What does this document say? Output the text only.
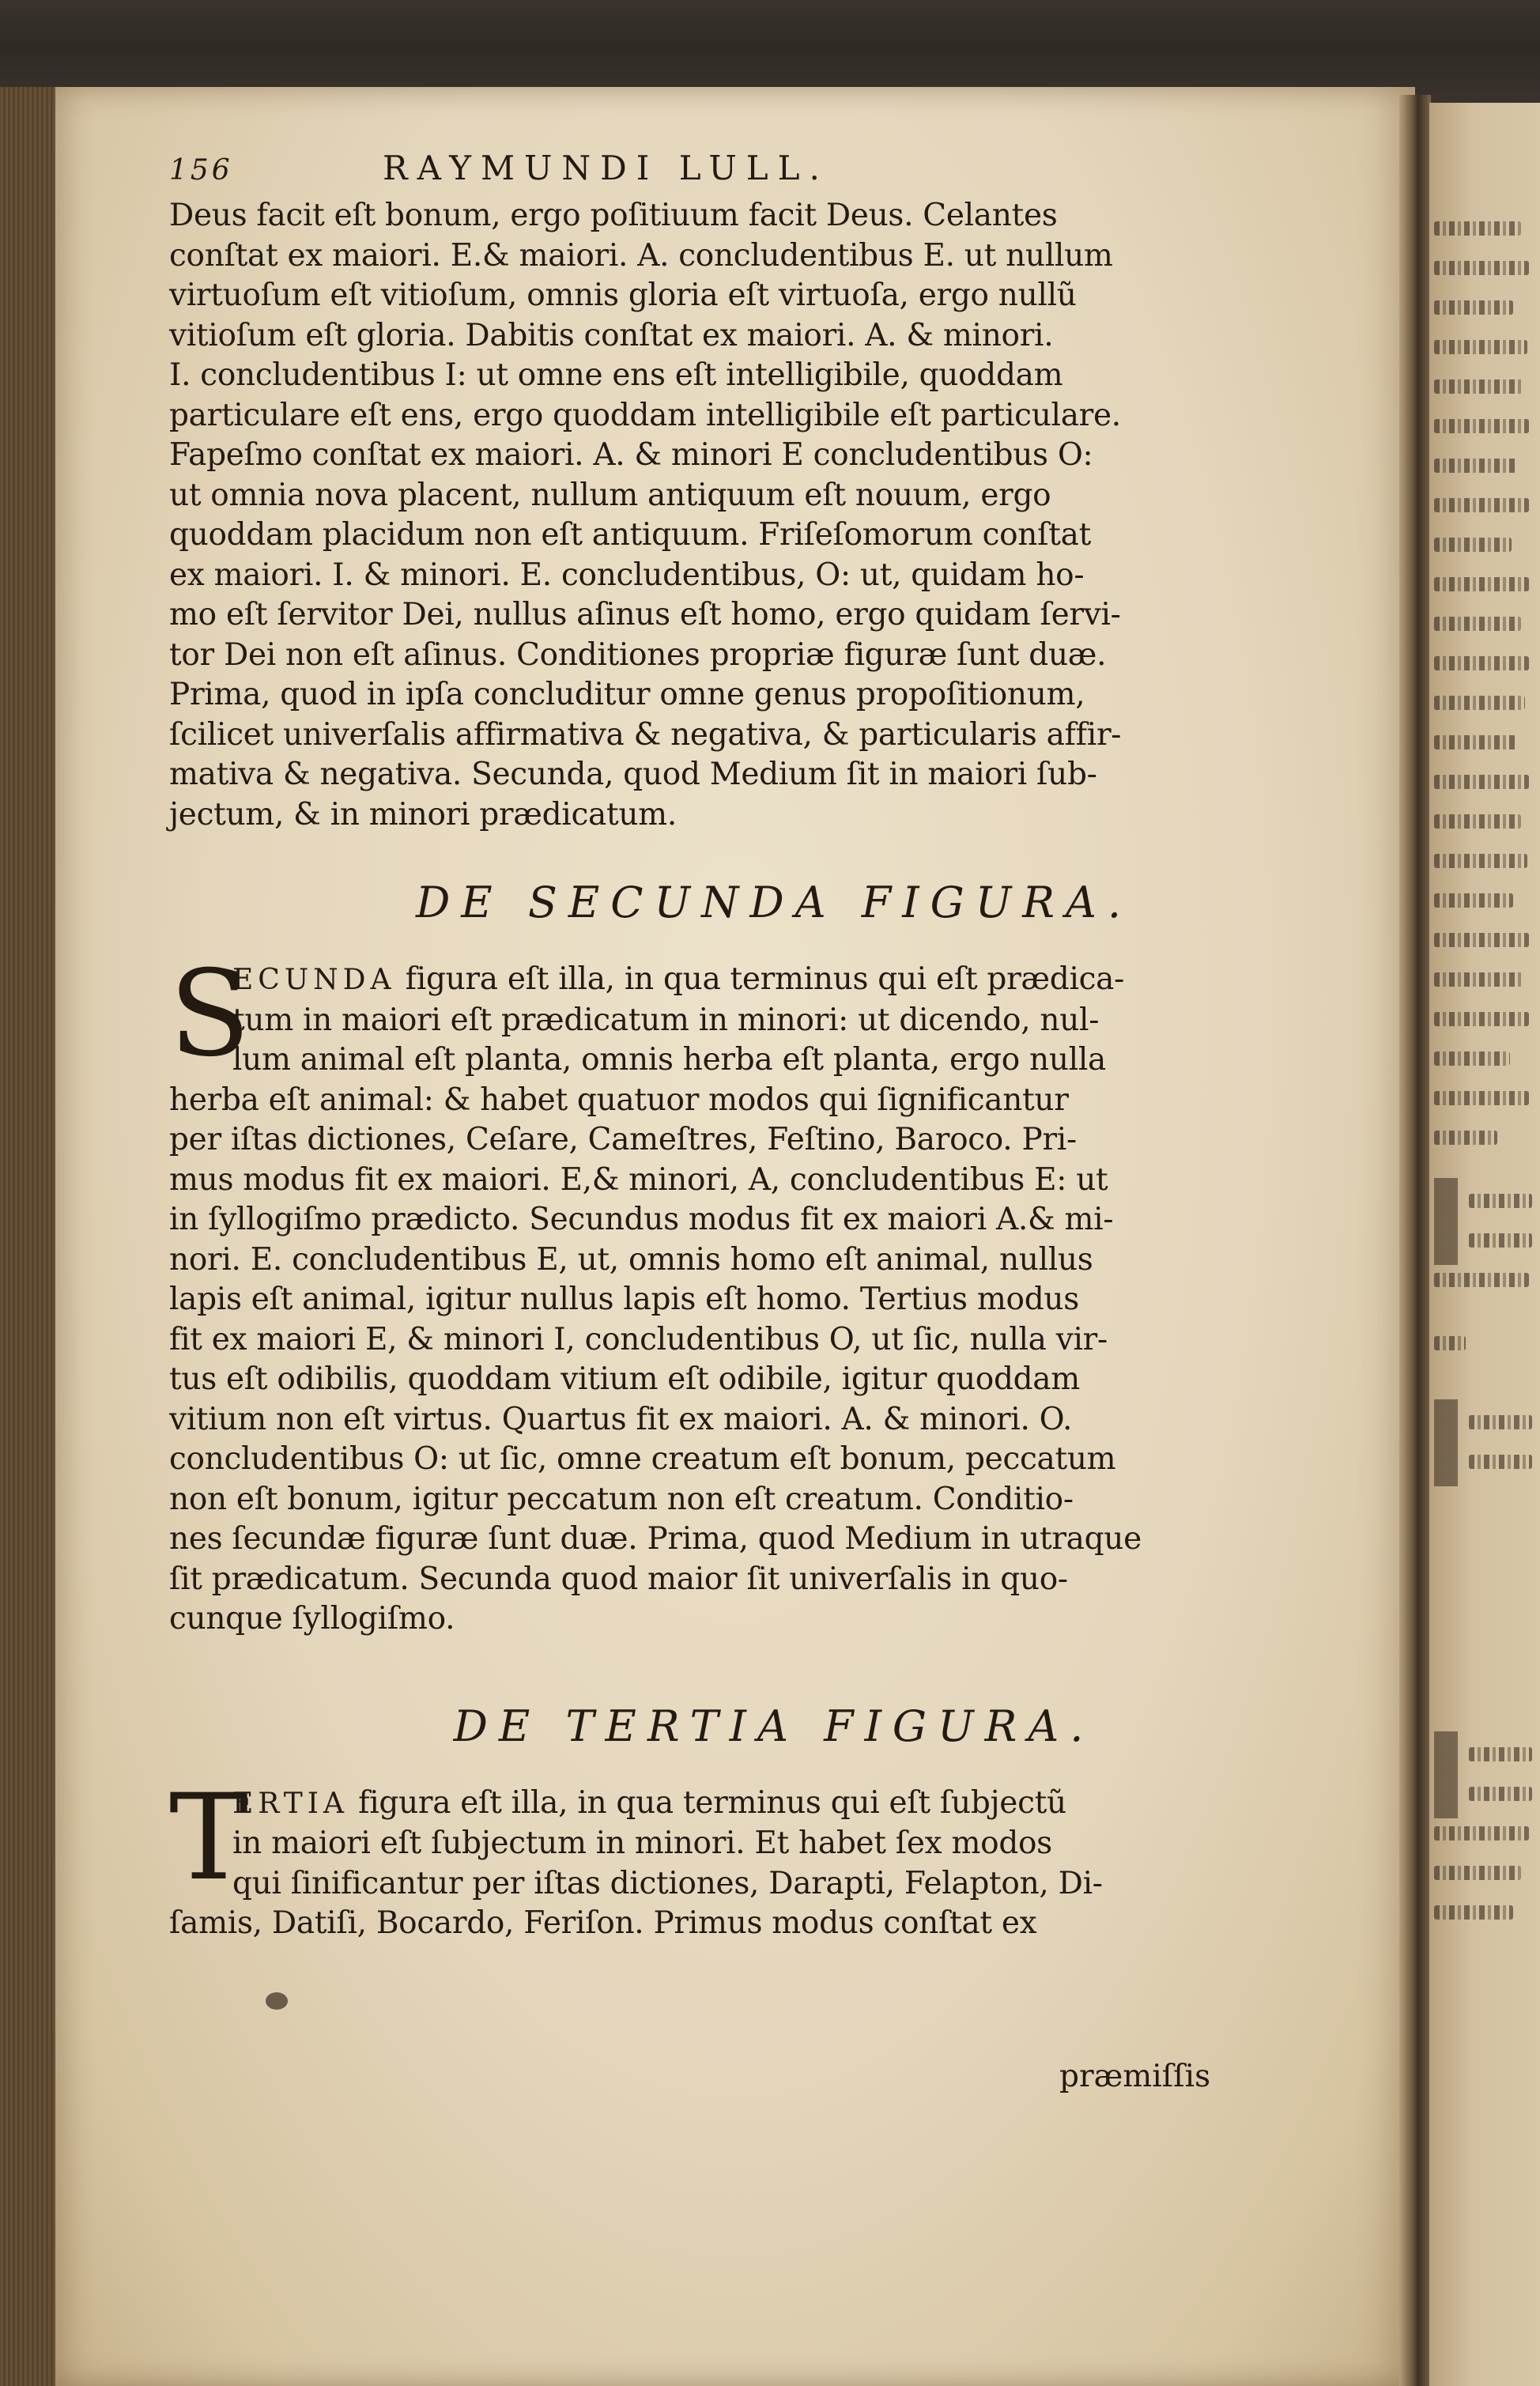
156	RAYMUNDI LULL.

Deus facit eſt bonum, ergo poſitiuum facit Deus. Celantes
conſtat ex maiori. E.& maiori. A. concludentibus E. ut nullum
virtuoſum eſt vitioſum, omnis gloria eſt virtuoſa, ergo nullũ
vitioſum eſt gloria. Dabitis conſtat ex maiori. A. & minori.
I. concludentibus I: ut omne ens eſt intelligibile, quoddam
particulare eſt ens, ergo quoddam intelligibile eſt particulare.
Fapeſmo conſtat ex maiori. A. & minori E concludentibus O:
ut omnia nova placent, nullum antiquum eſt nouum, ergo
quoddam placidum non eſt antiquum. Friſeſomorum conſtat
ex maiori. I. & minori. E. concludentibus, O: ut, quidam ho-
mo eſt ſervitor Dei, nullus aſinus eſt homo, ergo quidam ſervi-
tor Dei non eſt aſinus. Conditiones propriæ figuræ ſunt duæ.
Prima, quod in ipſa concluditur omne genus propoſitionum,
ſcilicet univerſalis affirmativa & negativa, & particularis affir-
mativa & negativa. Secunda, quod Medium ſit in maiori ſub-
jectum, & in minori prædicatum.

DE SECUNDA FIGURA.
S
ECUNDA figura eſt illa, in qua terminus qui eſt prædica-
tum in maiori eſt prædicatum in minori: ut dicendo, nul-
lum animal eſt planta, omnis herba eſt planta, ergo nulla
herba eſt animal: & habet quatuor modos qui ſignificantur
per iſtas dictiones, Ceſare, Cameſtres, Feſtino, Baroco. Pri-
mus modus fit ex maiori. E,& minori, A, concludentibus E: ut
in ſyllogiſmo prædicto. Secundus modus fit ex maiori A.& mi-
nori. E. concludentibus E, ut, omnis homo eſt animal, nullus
lapis eſt animal, igitur nullus lapis eſt homo. Tertius modus
fit ex maiori E, & minori I, concludentibus O, ut ſic, nulla vir-
tus eſt odibilis, quoddam vitium eſt odibile, igitur quoddam
vitium non eſt virtus. Quartus fit ex maiori. A. & minori. O.
concludentibus O: ut ſic, omne creatum eſt bonum, peccatum
non eſt bonum, igitur peccatum non eſt creatum. Conditio-
nes ſecundæ figuræ ſunt duæ. Prima, quod Medium in utraque
ſit prædicatum. Secunda quod maior ſit univerſalis in quo-
cunque ſyllogiſmo.
DE TERTIA FIGURA.
T
ERTIA figura eſt illa, in qua terminus qui eſt ſubjectũ
in maiori eſt ſubjectum in minori. Et habet ſex modos
qui ſinificantur per iſtas dictiones, Darapti, Felapton, Di-
ſamis, Datiſi, Bocardo, Feriſon. Primus modus conſtat ex
præmiſſis
